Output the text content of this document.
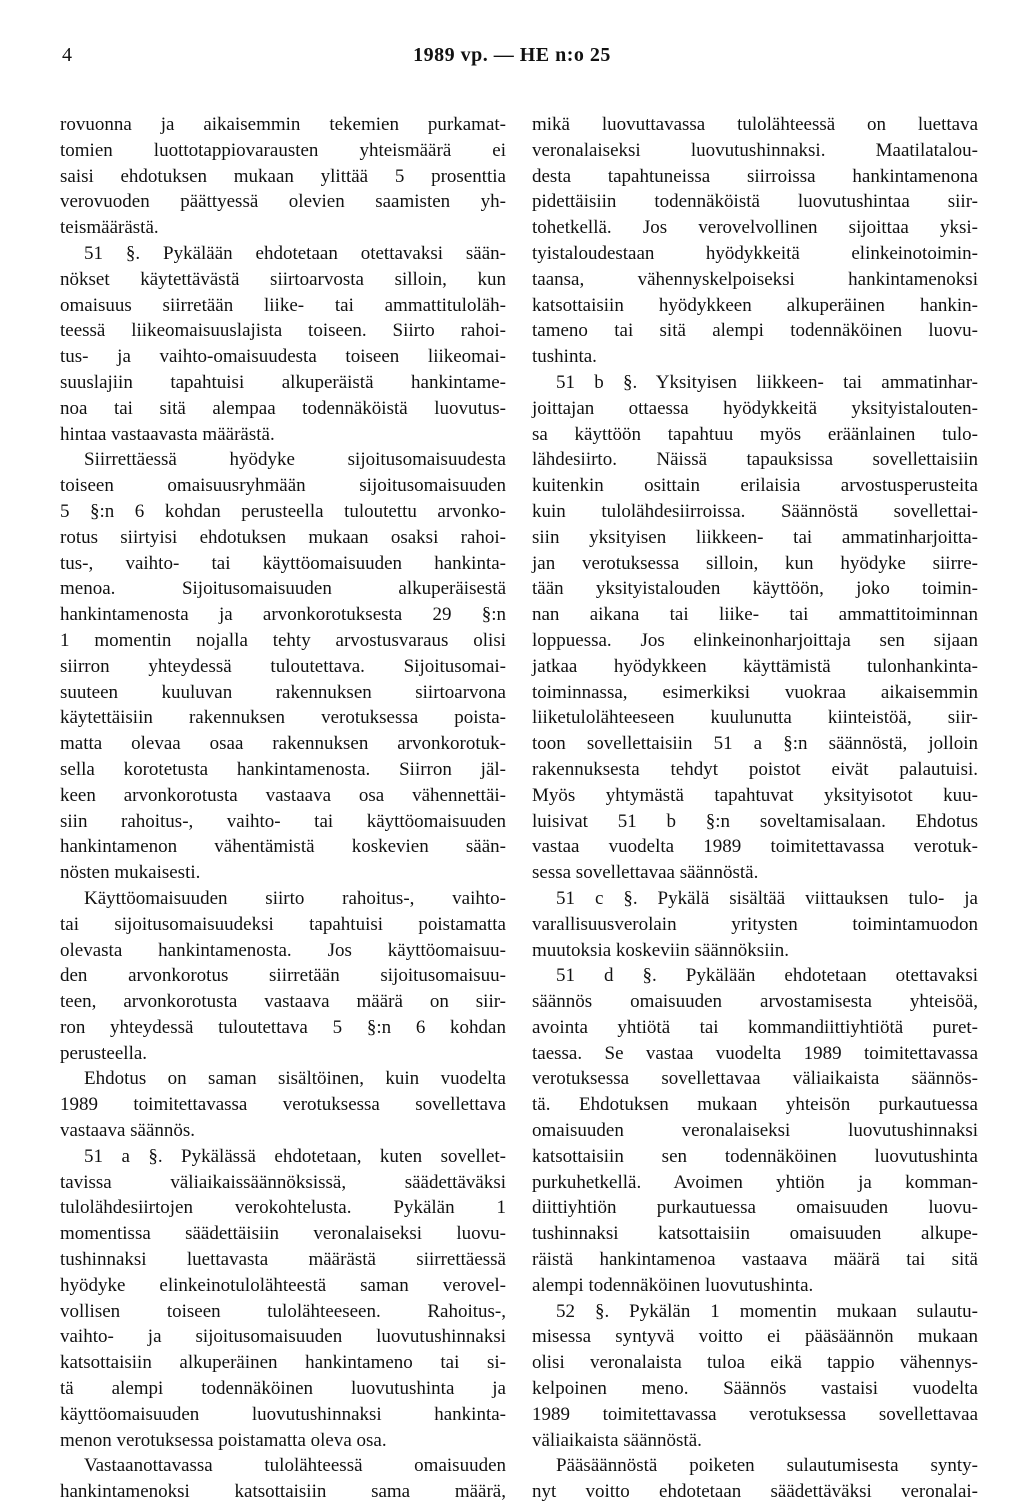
4	1989 vp. — HE n:o 25
rovuonna ja aikaisemmin tekemien purkamat-
tomien luottotappiovarausten yhteismäärä ei
saisi ehdotuksen mukaan ylittää 5 prosenttia
verovuoden päättyessä olevien saamisten yh-
teismäärästä.
51 §. Pykälään ehdotetaan otettavaksi sään-
nökset käytettävästä siirtoarvosta silloin, kun
omaisuus siirretään liike- tai ammattituloläh-
teessä liikeomaisuuslajista toiseen. Siirto rahoi-
tus- ja vaihto-omaisuudesta toiseen liikeomai-
suuslajiin tapahtuisi alkuperäistä hankintame-
noa tai sitä alempaa todennäköistä luovutus-
hintaa vastaavasta määrästä.
Siirrettäessä hyödyke sijoitusomaisuudesta
toiseen omaisuusryhmään sijoitusomaisuuden
5 §:n 6 kohdan perusteella tuloutettu arvonko-
rotus siirtyisi ehdotuksen mukaan osaksi rahoi-
tus-, vaihto- tai käyttöomaisuuden hankinta-
menoa. Sijoitusomaisuuden alkuperäisestä
hankintamenosta ja arvonkorotuksesta 29 §:n
1 momentin nojalla tehty arvostusvaraus olisi
siirron yhteydessä tuloutettava. Sijoitusomai-
suuteen kuuluvan rakennuksen siirtoarvona
käytettäisiin rakennuksen verotuksessa poista-
matta olevaa osaa rakennuksen arvonkorotuk-
sella korotetusta hankintamenosta. Siirron jäl-
keen arvonkorotusta vastaava osa vähennettäi-
siin rahoitus-, vaihto- tai käyttöomaisuuden
hankintamenon vähentämistä koskevien sään-
nösten mukaisesti.
Käyttöomaisuuden siirto rahoitus-, vaihto-
tai sijoitusomaisuudeksi tapahtuisi poistamatta
olevasta hankintamenosta. Jos käyttöomaisuu-
den arvonkorotus siirretään sijoitusomaisuu-
teen, arvonkorotusta vastaava määrä on siir-
ron yhteydessä tuloutettava 5 §:n 6 kohdan
perusteella.
Ehdotus on saman sisältöinen, kuin vuodelta
1989 toimitettavassa verotuksessa sovellettava
vastaava säännös.
51 a §. Pykälässä ehdotetaan, kuten sovellet-
tavissa väliaikaissäännöksissä, säädettäväksi
tulolähdesiirtojen verokohtelusta. Pykälän 1
momentissa säädettäisiin veronalaiseksi luovu-
tushinnaksi luettavasta määrästä siirrettäessä
hyödyke elinkeinotulolähteestä saman verovel-
vollisen toiseen tulolähteeseen. Rahoitus-,
vaihto- ja sijoitusomaisuuden luovutushinnaksi
katsottaisiin alkuperäinen hankintameno tai si-
tä alempi todennäköinen luovutushinta ja
käyttöomaisuuden luovutushinnaksi hankinta-
menon verotuksessa poistamatta oleva osa.
Vastaanottavassa tulolähteessä omaisuuden
hankintamenoksi katsottaisiin sama määrä,
mikä luovuttavassa tulolähteessä on luettava
veronalaiseksi luovutushinnaksi. Maatilatalou-
desta tapahtuneissa siirroissa hankintamenona
pidettäisiin todennäköistä luovutushintaa siir-
tohetkellä. Jos verovelvollinen sijoittaa yksi-
tyistaloudestaan hyödykkeitä elinkeinotoimin-
taansa, vähennyskelpoiseksi hankintamenoksi
katsottaisiin hyödykkeen alkuperäinen hankin-
tameno tai sitä alempi todennäköinen luovu-
tushinta.
51 b §. Yksityisen liikkeen- tai ammatinhar-
joittajan ottaessa hyödykkeitä yksityistalouten-
sa käyttöön tapahtuu myös eräänlainen tulo-
lähdesiirto. Näissä tapauksissa sovellettaisiin
kuitenkin osittain erilaisia arvostusperusteita
kuin tulolähdesiirroissa. Säännöstä sovellettai-
siin yksityisen liikkeen- tai ammatinharjoitta-
jan verotuksessa silloin, kun hyödyke siirre-
tään yksityistalouden käyttöön, joko toimin-
nan aikana tai liike- tai ammattitoiminnan
loppuessa. Jos elinkeinonharjoittaja sen sijaan
jatkaa hyödykkeen käyttämistä tulonhankinta-
toiminnassa, esimerkiksi vuokraa aikaisemmin
liiketulolähteeseen kuulunutta kiinteistöä, siir-
toon sovellettaisiin 51 a §:n säännöstä, jolloin
rakennuksesta tehdyt poistot eivät palautuisi.
Myös yhtymästä tapahtuvat yksityisotot kuu-
luisivat 51 b §:n soveltamisalaan. Ehdotus
vastaa vuodelta 1989 toimitettavassa verotuk-
sessa sovellettavaa säännöstä.
51 c §. Pykälä sisältää viittauksen tulo- ja
varallisuusverolain yritysten toimintamuodon
muutoksia koskeviin säännöksiin.
51 d §. Pykälään ehdotetaan otettavaksi
säännös omaisuuden arvostamisesta yhteisöä,
avointa yhtiötä tai kommandiittiyhtiötä puret-
taessa. Se vastaa vuodelta 1989 toimitettavassa
verotuksessa sovellettavaa väliaikaista säännös-
tä. Ehdotuksen mukaan yhteisön purkautuessa
omaisuuden veronalaiseksi luovutushinnaksi
katsottaisiin sen todennäköinen luovutushinta
purkuhetkellä. Avoimen yhtiön ja komman-
diittiyhtiön purkautuessa omaisuuden luovu-
tushinnaksi katsottaisiin omaisuuden alkupe-
räistä hankintamenoa vastaava määrä tai sitä
alempi todennäköinen luovutushinta.
52 §. Pykälän 1 momentin mukaan sulautu-
misessa syntyvä voitto ei pääsäännön mukaan
olisi veronalaista tuloa eikä tappio vähennys-
kelpoinen meno. Säännös vastaisi vuodelta
1989 toimitettavassa verotuksessa sovellettavaa
väliaikaista säännöstä.
Pääsäännöstä poiketen sulautumisesta synty-
nyt voitto ehdotetaan säädettäväksi veronalai-
